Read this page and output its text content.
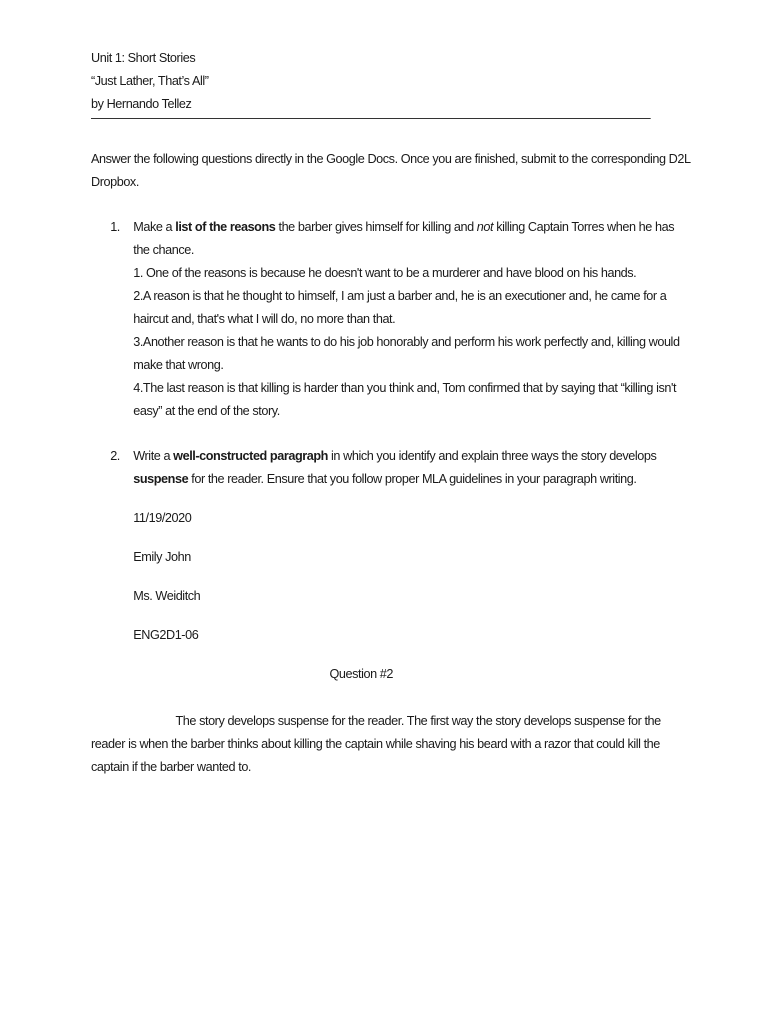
Unit 1: Short Stories
“Just Lather, That’s All”
by Hernando Tellez
Answer the following questions directly in the Google Docs. Once you are finished, submit to the corresponding D2L
Dropbox.
1. Make a list of the reasons the barber gives himself for killing and not killing Captain Torres when he has
the chance.
1. One of the reasons is because he doesn't want to be a murderer and have blood on his hands.
2.A reason is that he thought to himself, I am just a barber and, he is an executioner and, he came for a
haircut and, that's what I will do, no more than that.
3.Another reason is that he wants to do his job honorably and perform his work perfectly and, killing would
make that wrong.
4.The last reason is that killing is harder than you think and, Tom confirmed that by saying that “killing isn't
easy” at the end of the story.
2. Write a well-constructed paragraph in which you identify and explain three ways the story develops
suspense for the reader. Ensure that you follow proper MLA guidelines in your paragraph writing.
11/19/2020
Emily John
Ms. Weiditch
ENG2D1-06
Question #2
The story develops suspense for the reader. The first way the story develops suspense for the
reader is when the barber thinks about killing the captain while shaving his beard with a razor that could kill the
captain if the barber wanted to.
